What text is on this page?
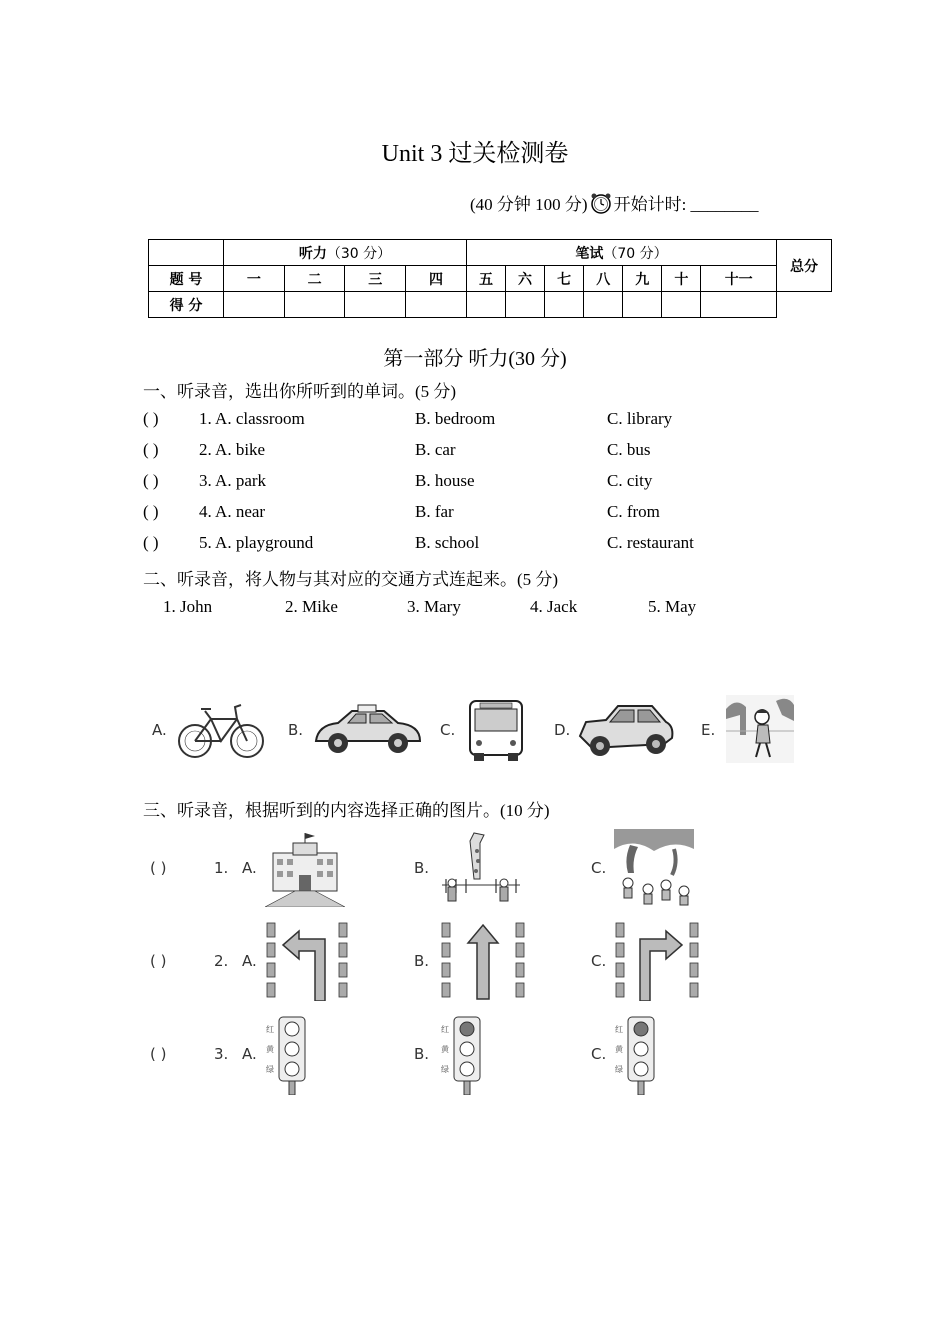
Unit 3 过关检测卷
(40 分钟 100 分) 开始计时: ________
	听力（30 分）				笔试（70 分）							总分
题 号	一	二	三	四	五	六	七	八	九	十	十一	
得 分												
第一部分 听力(30 分)
一、听录音，选出你所听到的单词。(5 分)
( ) 1. A. classroom	B. bedroom	C. library
( ) 2. A. bike	B. car	C. bus
( ) 3. A. park	B. house	C. city
( ) 4. A. near	B. far	C. from
( ) 5. A. playground	B. school	C. restaurant
二、听录音，将人物与其对应的交通方式连起来。(5 分)
1. John	2. Mike	3. Mary	4. Jack	5. May
A.	B.	C.	D.	E.
三、听录音，根据听到的内容选择正确的图片。(10 分)
( )	1. A.	B.	C.
( )	2. A.	B.	C.
( )	3. A.	B.	C.
红
黄
绿
红
黄
绿
红
黄
绿
